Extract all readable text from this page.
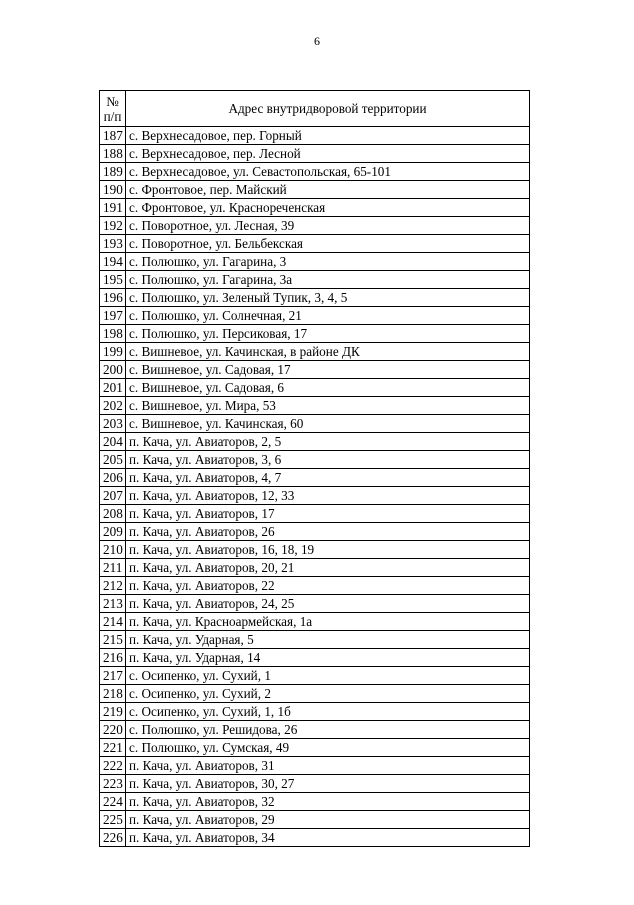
6
№
п/п	Адрес внутридворовой территории
187	с. Верхнесадовое, пер. Горный
188	с. Верхнесадовое, пер. Лесной
189	с. Верхнесадовое, ул. Севастопольская, 65-101
190	с. Фронтовое, пер. Майский
191	с. Фронтовое, ул. Краснореченская
192	с. Поворотное, ул. Лесная, 39
193	с. Поворотное, ул. Бельбекская
194	с. Полюшко, ул. Гагарина, 3
195	с. Полюшко, ул. Гагарина, 3а
196	с. Полюшко, ул. Зеленый Тупик, 3, 4, 5
197	с. Полюшко, ул. Солнечная, 21
198	с. Полюшко, ул. Персиковая, 17
199	с. Вишневое, ул. Качинская, в районе ДК
200	с. Вишневое, ул. Садовая, 17
201	с. Вишневое, ул. Садовая, 6
202	с. Вишневое, ул. Мира, 53
203	с. Вишневое, ул. Качинская, 60
204	п. Кача, ул. Авиаторов, 2, 5
205	п. Кача, ул. Авиаторов, 3, 6
206	п. Кача, ул. Авиаторов, 4, 7
207	п. Кача, ул. Авиаторов, 12, 33
208	п. Кача, ул. Авиаторов, 17
209	п. Кача, ул. Авиаторов, 26
210	п. Кача, ул. Авиаторов, 16, 18, 19
211	п. Кача, ул. Авиаторов, 20, 21
212	п. Кача, ул. Авиаторов, 22
213	п. Кача, ул. Авиаторов, 24, 25
214	п. Кача, ул. Красноармейская, 1а
215	п. Кача, ул. Ударная, 5
216	п. Кача, ул. Ударная, 14
217	с. Осипенко, ул. Сухий, 1
218	с. Осипенко, ул. Сухий, 2
219	с. Осипенко, ул. Сухий, 1, 1б
220	с. Полюшко, ул. Решидова, 26
221	с. Полюшко, ул. Сумская, 49
222	п. Кача, ул. Авиаторов, 31
223	п. Кача, ул. Авиаторов, 30, 27
224	п. Кача, ул. Авиаторов, 32
225	п. Кача, ул. Авиаторов, 29
226	п. Кача, ул. Авиаторов, 34
